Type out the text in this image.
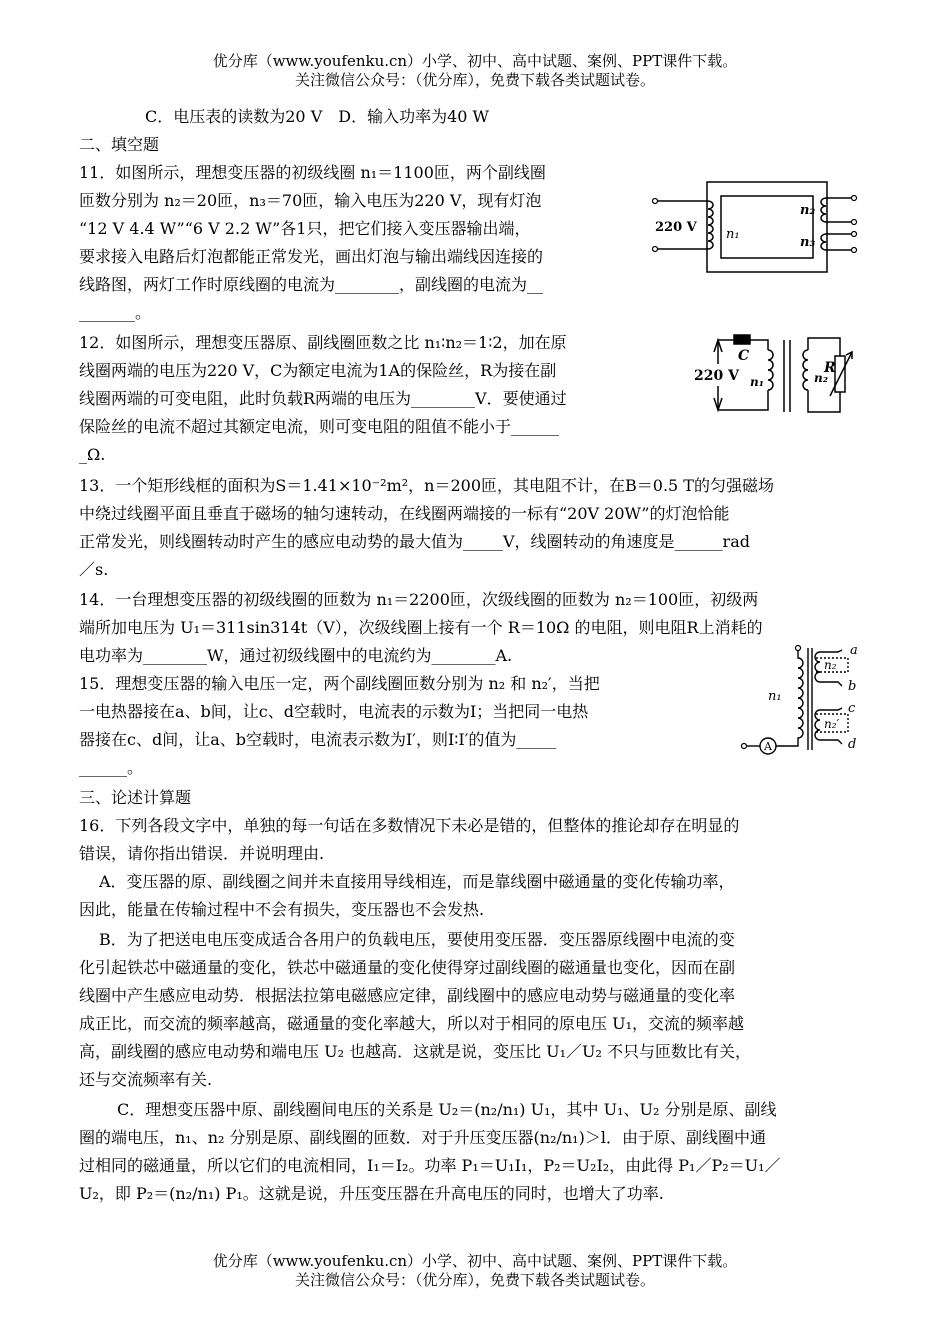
优分库（www.youfenku.cn）小学、初中、高中试题、案例、PPT课件下载。
关注微信公众号：（优分库），免费下载各类试题试卷。
C．电压表的读数为20 V　D．输入功率为40 W
二、填空题
11．如图所示，理想变压器的初级线圈 n₁＝1100匝，两个副线圈
匝数分别为 n₂＝20匝，n₃＝70匝，输入电压为220 V，现有灯泡
“12 V 4.4 W”“6 V 2.2 W”各1只，把它们接入变压器输出端，
要求接入电路后灯泡都能正常发光，画出灯泡与输出端线因连接的
线路图，两灯工作时原线圈的电流为________，副线圈的电流为__
_______。
12．如图所示，理想变压器原、副线圈匝数之比 n₁∶n₂＝1∶2，加在原
线圈两端的电压为220 V，C为额定电流为1A的保险丝，R为接在副
线圈两端的可变电阻，此时负载R两端的电压为________V．要使通过
保险丝的电流不超过其额定电流，则可变电阻的阻值不能小于______
_Ω.
13．一个矩形线框的面积为S＝1.41×10⁻²m²，n＝200匝，其电阻不计，在B＝0.5 T的匀强磁场
中绕过线圈平面且垂直于磁场的轴匀速转动，在线圈两端接的一标有“20V 20W”的灯泡恰能
正常发光，则线圈转动时产生的感应电动势的最大值为_____V，线圈转动的角速度是______rad
／s.
14．一台理想变压器的初级线圈的匝数为 n₁＝2200匝，次级线圈的匝数为 n₂＝100匝，初级两
端所加电压为 U₁＝311sin314t（V），次级线圈上接有一个 R＝10Ω 的电阻，则电阻R上消耗的
电功率为________W，通过初级线圈中的电流约为________A.
15．理想变压器的输入电压一定，两个副线圈匝数分别为 n₂ 和 n₂′，当把
一电热器接在a、b间，让c、d空载时，电流表的示数为I；当把同一电热
器接在c、d间，让a、b空载时，电流表示数为I′，则I∶I′的值为_____
______。
三、论述计算题
16．下列各段文字中，单独的每一句话在多数情况下未必是错的，但整体的推论却存在明显的
错误，请你指出错误．并说明理由.
A．变压器的原、副线圈之间并未直接用导线相连，而是靠线圈中磁通量的变化传输功率，
因此，能量在传输过程中不会有损失，变压器也不会发热.
B．为了把送电电压变成适合各用户的负载电压，要使用变压器．变压器原线圈中电流的变
化引起铁芯中磁通量的变化，铁芯中磁通量的变化使得穿过副线圈的磁通量也变化，因而在副
线圈中产生感应电动势．根据法拉第电磁感应定律，副线圈中的感应电动势与磁通量的变化率
成正比，而交流的频率越高，磁通量的变化率越大，所以对于相同的原电压 U₁，交流的频率越
高，副线圈的感应电动势和端电压 U₂ 也越高．这就是说，变压比 U₁／U₂ 不只与匝数比有关，
还与交流频率有关.
C．理想变压器中原、副线圈间电压的关系是 U₂＝(n₂/n₁) U₁，其中 U₁、U₂ 分别是原、副线
圈的端电压，n₁、n₂ 分别是原、副线圈的匝数．对于升压变压器(n₂/n₁)＞l．由于原、副线圈中通
过相同的磁通量，所以它们的电流相同，I₁＝I₂。功率 P₁＝U₁I₁，P₂＝U₂I₂，由此得 P₁／P₂＝U₁／
U₂，即 P₂＝(n₂/n₁) P₁。这就是说，升压变压器在升高电压的同时，也增大了功率.
220 V n₁
n₂
n₃
220 V
C
n₁	n₂
R
A
n₁
n₂
n₂′
a
b
c
d
优分库（www.youfenku.cn）小学、初中、高中试题、案例、PPT课件下载。
关注微信公众号：（优分库），免费下载各类试题试卷。
